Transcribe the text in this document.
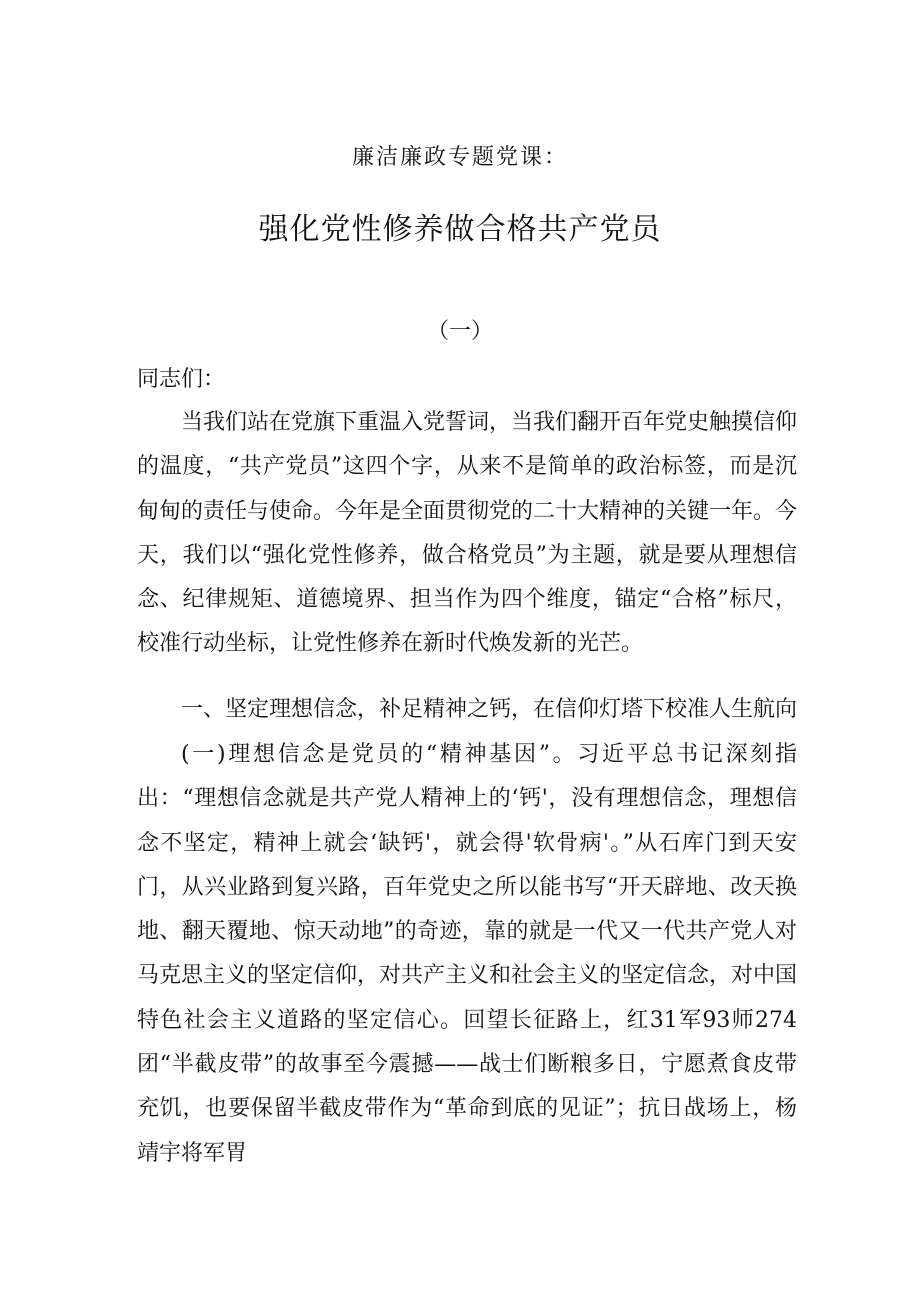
廉洁廉政专题党课：
强化党性修养做合格共产党员
（一）
同志们：

当我们站在党旗下重温入党誓词，当我们翻开百年党史触摸信仰的温度，“共产党员”这四个字，从来不是简单的政治标签，而是沉甸甸的责任与使命。今年是全面贯彻党的二十大精神的关键一年。今天，我们以“强化党性修养，做合格党员”为主题，就是要从理想信念、纪律规矩、道德境界、担当作为四个维度，锚定“合格”标尺，校准行动坐标，让党性修养在新时代焕发新的光芒。

一、坚定理想信念，补足精神之钙，在信仰灯塔下校准人生航向

(一)理想信念是党员的“精神基因”。习近平总书记深刻指出：“理想信念就是共产党人精神上的‘钙'，没有理想信念，理想信念不坚定，精神上就会‘缺钙'，就会得'软骨病'。”从石库门到天安门，从兴业路到复兴路，百年党史之所以能书写“开天辟地、改天换地、翻天覆地、惊天动地”的奇迹，靠的就是一代又一代共产党人对马克思主义的坚定信仰，对共产主义和社会主义的坚定信念，对中国特色社会主义道路的坚定信心。回望长征路上，红31军93师274团“半截皮带”的故事至今震撼——战士们断粮多日，宁愿煮食皮带充饥，也要保留半截皮带作为“革命到底的见证”；抗日战场上，杨靖宇将军胃
